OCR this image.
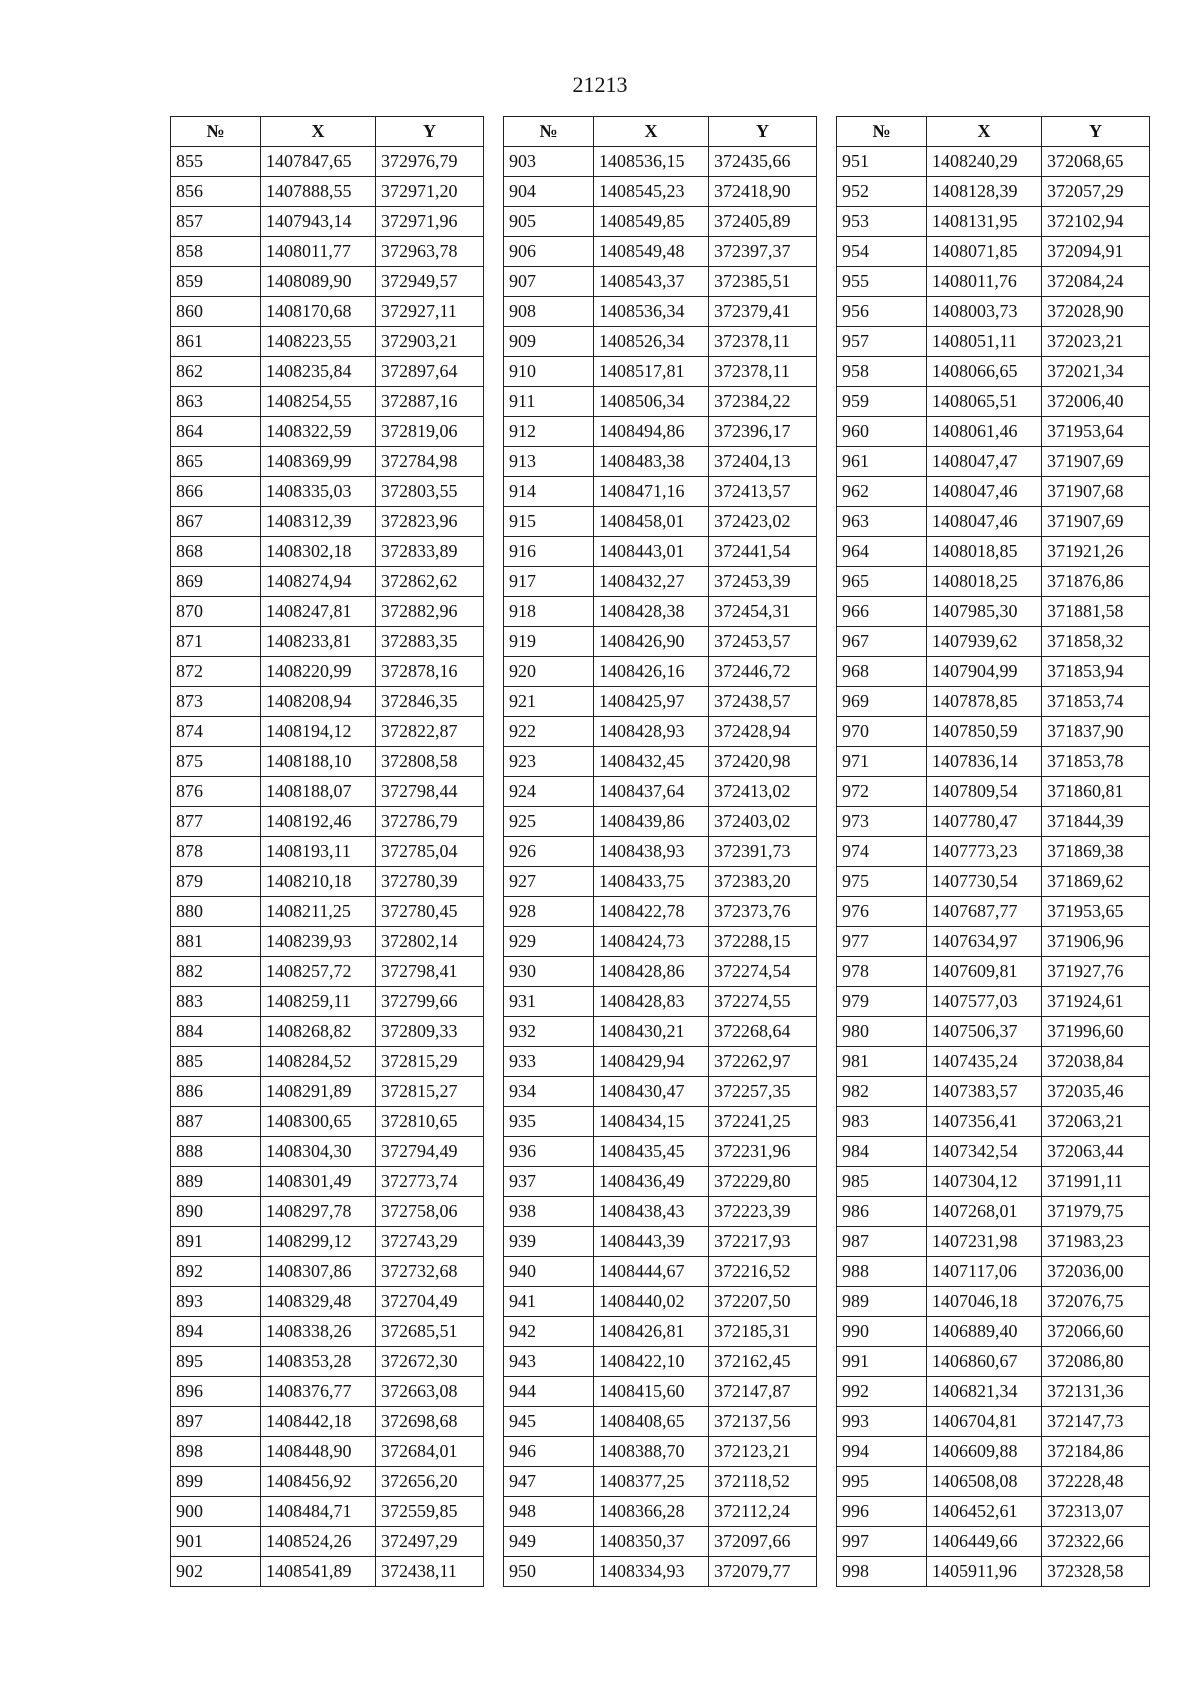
21213
№	X	Y
855	1407847,65	372976,79
856	1407888,55	372971,20
857	1407943,14	372971,96
858	1408011,77	372963,78
859	1408089,90	372949,57
860	1408170,68	372927,11
861	1408223,55	372903,21
862	1408235,84	372897,64
863	1408254,55	372887,16
864	1408322,59	372819,06
865	1408369,99	372784,98
866	1408335,03	372803,55
867	1408312,39	372823,96
868	1408302,18	372833,89
869	1408274,94	372862,62
870	1408247,81	372882,96
871	1408233,81	372883,35
872	1408220,99	372878,16
873	1408208,94	372846,35
874	1408194,12	372822,87
875	1408188,10	372808,58
876	1408188,07	372798,44
877	1408192,46	372786,79
878	1408193,11	372785,04
879	1408210,18	372780,39
880	1408211,25	372780,45
881	1408239,93	372802,14
882	1408257,72	372798,41
883	1408259,11	372799,66
884	1408268,82	372809,33
885	1408284,52	372815,29
886	1408291,89	372815,27
887	1408300,65	372810,65
888	1408304,30	372794,49
889	1408301,49	372773,74
890	1408297,78	372758,06
891	1408299,12	372743,29
892	1408307,86	372732,68
893	1408329,48	372704,49
894	1408338,26	372685,51
895	1408353,28	372672,30
896	1408376,77	372663,08
897	1408442,18	372698,68
898	1408448,90	372684,01
899	1408456,92	372656,20
900	1408484,71	372559,85
901	1408524,26	372497,29
902	1408541,89	372438,11
№	X	Y
903	1408536,15	372435,66
904	1408545,23	372418,90
905	1408549,85	372405,89
906	1408549,48	372397,37
907	1408543,37	372385,51
908	1408536,34	372379,41
909	1408526,34	372378,11
910	1408517,81	372378,11
911	1408506,34	372384,22
912	1408494,86	372396,17
913	1408483,38	372404,13
914	1408471,16	372413,57
915	1408458,01	372423,02
916	1408443,01	372441,54
917	1408432,27	372453,39
918	1408428,38	372454,31
919	1408426,90	372453,57
920	1408426,16	372446,72
921	1408425,97	372438,57
922	1408428,93	372428,94
923	1408432,45	372420,98
924	1408437,64	372413,02
925	1408439,86	372403,02
926	1408438,93	372391,73
927	1408433,75	372383,20
928	1408422,78	372373,76
929	1408424,73	372288,15
930	1408428,86	372274,54
931	1408428,83	372274,55
932	1408430,21	372268,64
933	1408429,94	372262,97
934	1408430,47	372257,35
935	1408434,15	372241,25
936	1408435,45	372231,96
937	1408436,49	372229,80
938	1408438,43	372223,39
939	1408443,39	372217,93
940	1408444,67	372216,52
941	1408440,02	372207,50
942	1408426,81	372185,31
943	1408422,10	372162,45
944	1408415,60	372147,87
945	1408408,65	372137,56
946	1408388,70	372123,21
947	1408377,25	372118,52
948	1408366,28	372112,24
949	1408350,37	372097,66
950	1408334,93	372079,77
№	X	Y
951	1408240,29	372068,65
952	1408128,39	372057,29
953	1408131,95	372102,94
954	1408071,85	372094,91
955	1408011,76	372084,24
956	1408003,73	372028,90
957	1408051,11	372023,21
958	1408066,65	372021,34
959	1408065,51	372006,40
960	1408061,46	371953,64
961	1408047,47	371907,69
962	1408047,46	371907,68
963	1408047,46	371907,69
964	1408018,85	371921,26
965	1408018,25	371876,86
966	1407985,30	371881,58
967	1407939,62	371858,32
968	1407904,99	371853,94
969	1407878,85	371853,74
970	1407850,59	371837,90
971	1407836,14	371853,78
972	1407809,54	371860,81
973	1407780,47	371844,39
974	1407773,23	371869,38
975	1407730,54	371869,62
976	1407687,77	371953,65
977	1407634,97	371906,96
978	1407609,81	371927,76
979	1407577,03	371924,61
980	1407506,37	371996,60
981	1407435,24	372038,84
982	1407383,57	372035,46
983	1407356,41	372063,21
984	1407342,54	372063,44
985	1407304,12	371991,11
986	1407268,01	371979,75
987	1407231,98	371983,23
988	1407117,06	372036,00
989	1407046,18	372076,75
990	1406889,40	372066,60
991	1406860,67	372086,80
992	1406821,34	372131,36
993	1406704,81	372147,73
994	1406609,88	372184,86
995	1406508,08	372228,48
996	1406452,61	372313,07
997	1406449,66	372322,66
998	1405911,96	372328,58
